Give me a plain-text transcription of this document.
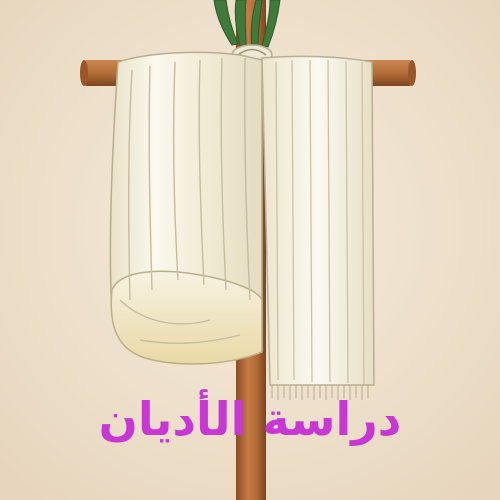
دراسة الأديان
